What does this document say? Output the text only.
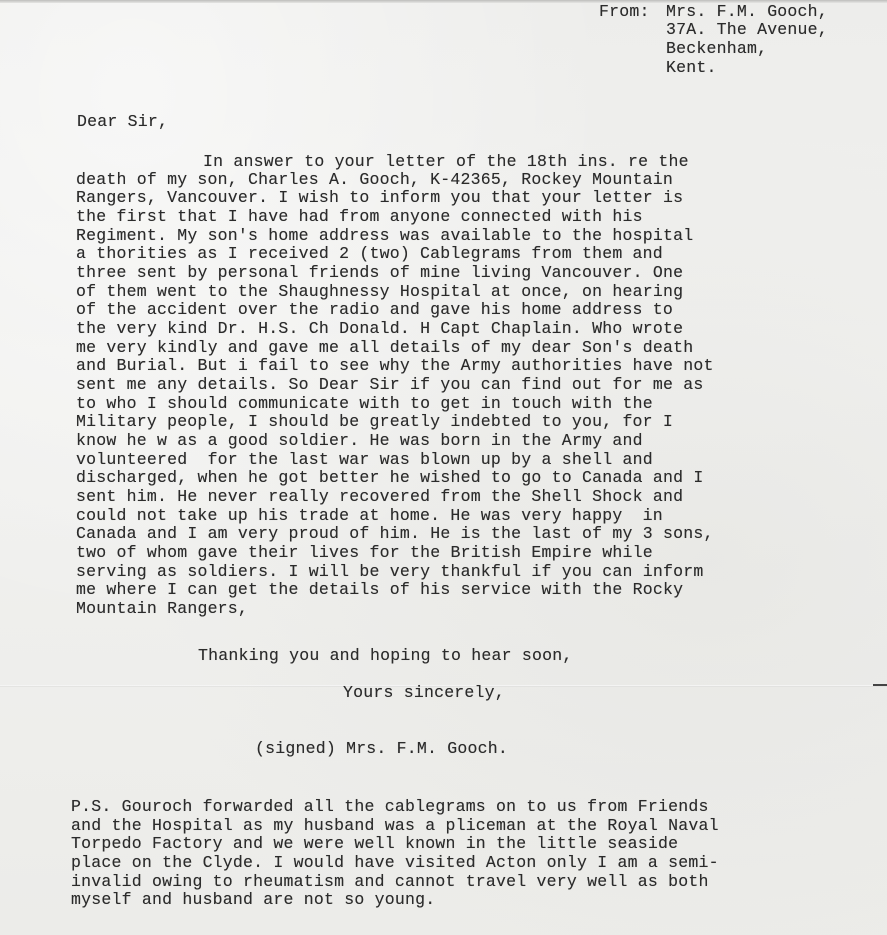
From: Mrs. F.M. Gooch,
37A. The Avenue,
Beckenham,
Kent.
Dear Sir,
In answer to your letter of the 18th ins. re the
death of my son, Charles A. Gooch, K-42365, Rockey Mountain
Rangers, Vancouver. I wish to inform you that your letter is
the first that I have had from anyone connected with his
Regiment. My son's home address was available to the hospital
a thorities as I received 2 (two) Cablegrams from them and
three sent by personal friends of mine living Vancouver. One
of them went to the Shaughnessy Hospital at once, on hearing
of the accident over the radio and gave his home address to
the very kind Dr. H.S. Ch Donald. H Capt Chaplain. Who wrote
me very kindly and gave me all details of my dear Son's death
and Burial. But i fail to see why the Army authorities have not
sent me any details. So Dear Sir if you can find out for me as
to who I should communicate with to get in touch with the
Military people, I should be greatly indebted to you, for I
know he w as a good soldier. He was born in the Army and
volunteered  for the last war was blown up by a shell and
discharged, when he got better he wished to go to Canada and I
sent him. He never really recovered from the Shell Shock and
could not take up his trade at home. He was very happy  in
Canada and I am very proud of him. He is the last of my 3 sons,
two of whom gave their lives for the British Empire while
serving as soldiers. I will be very thankful if you can inform
me where I can get the details of his service with the Rocky
Mountain Rangers,
Thanking you and hoping to hear soon,
Yours sincerely,
(signed) Mrs. F.M. Gooch.
P.S. Gouroch forwarded all the cablegrams on to us from Friends
and the Hospital as my husband was a pliceman at the Royal Naval
Torpedo Factory and we were well known in the little seaside
place on the Clyde. I would have visited Acton only I am a semi-
invalid owing to rheumatism and cannot travel very well as both
myself and husband are not so young.
